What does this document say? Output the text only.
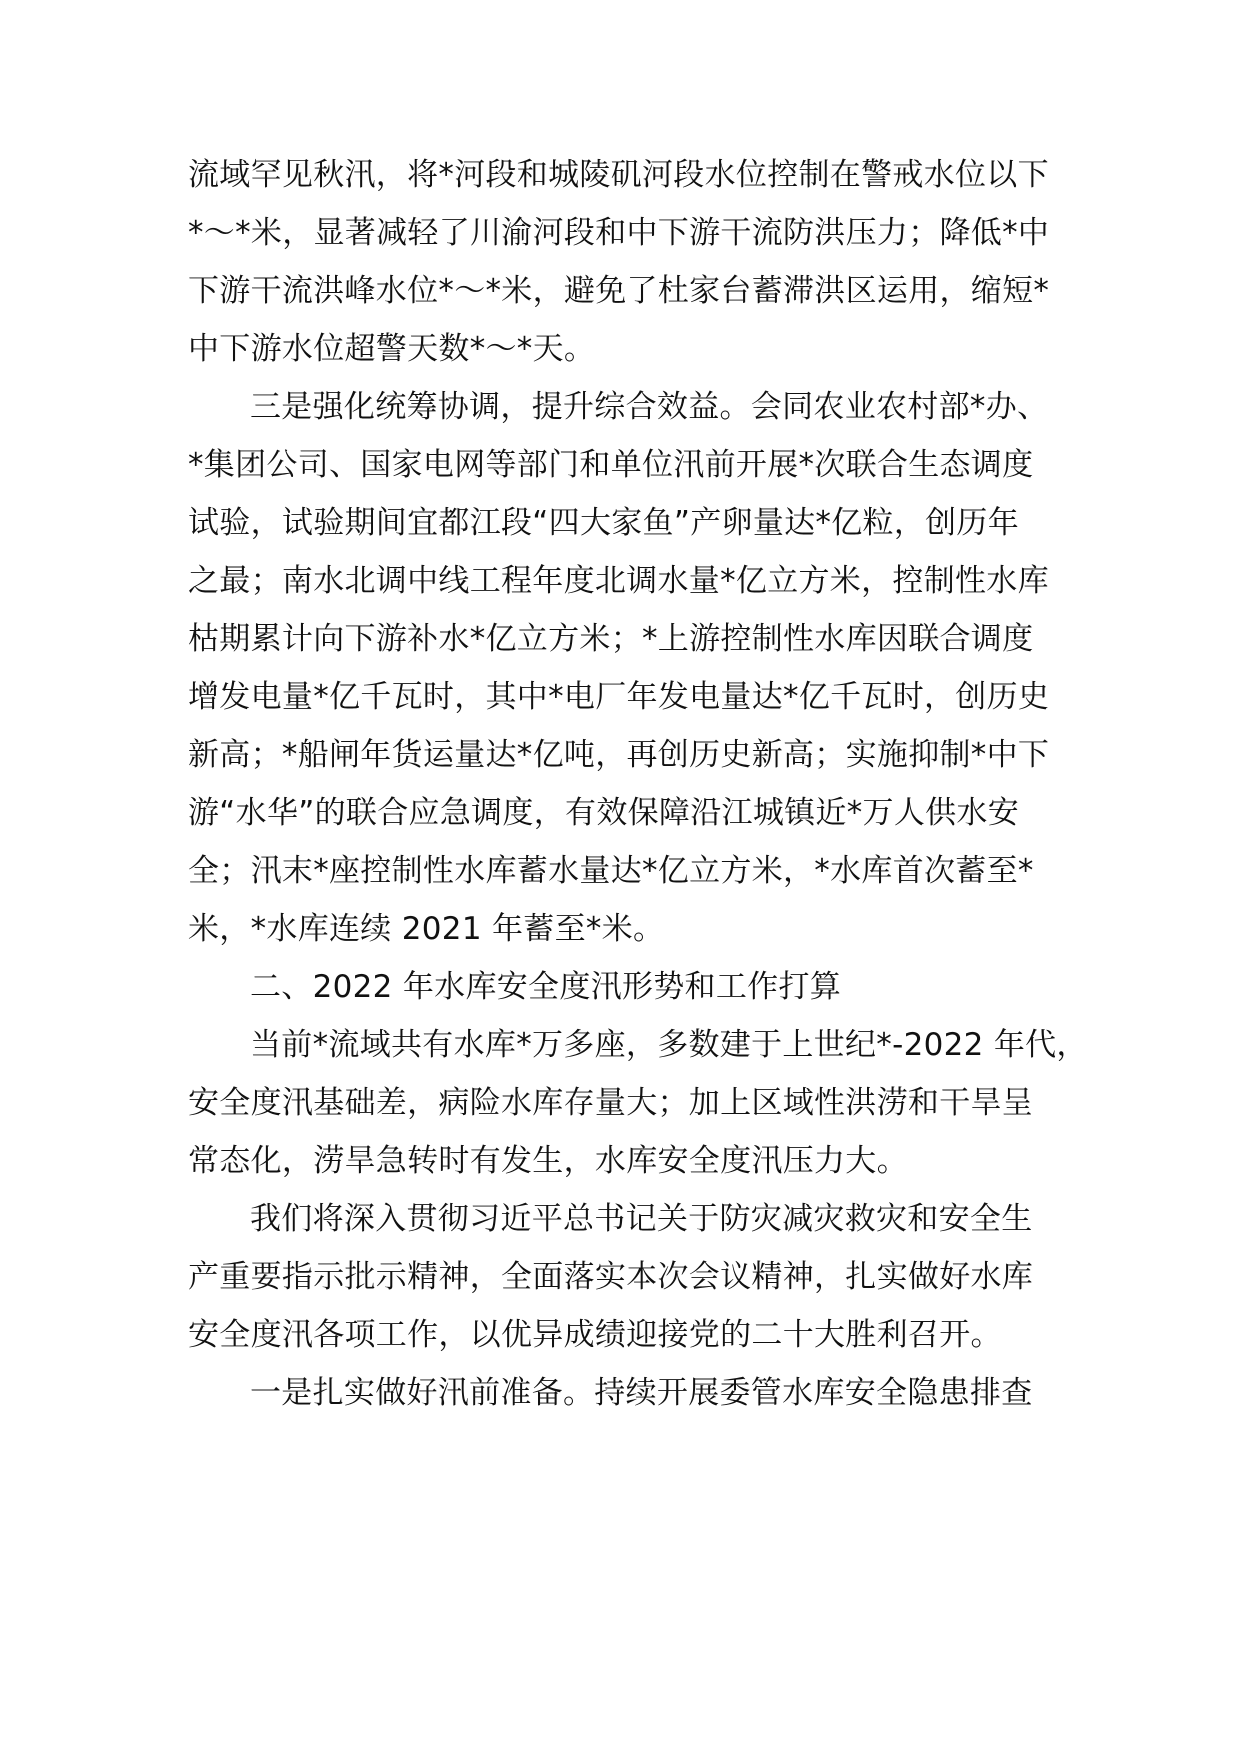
流域罕见秋汛，将*河段和城陵矶河段水位控制在警戒水位以下
*～*米，显著减轻了川渝河段和中下游干流防洪压力；降低*中
下游干流洪峰水位*～*米，避免了杜家台蓄滞洪区运用，缩短*
中下游水位超警天数*～*天。
三是强化统筹协调，提升综合效益。会同农业农村部*办、
*集团公司、国家电网等部门和单位汛前开展*次联合生态调度
试验，试验期间宜都江段“四大家鱼”产卵量达*亿粒，创历年
之最；南水北调中线工程年度北调水量*亿立方米，控制性水库
枯期累计向下游补水*亿立方米；*上游控制性水库因联合调度
增发电量*亿千瓦时，其中*电厂年发电量达*亿千瓦时，创历史
新高；*船闸年货运量达*亿吨，再创历史新高；实施抑制*中下
游“水华”的联合应急调度，有效保障沿江城镇近*万人供水安
全；汛末*座控制性水库蓄水量达*亿立方米，*水库首次蓄至*
米，*水库连续 2021 年蓄至*米。
二、2022 年水库安全度汛形势和工作打算
当前*流域共有水库*万多座，多数建于上世纪*-2022 年代，
安全度汛基础差，病险水库存量大；加上区域性洪涝和干旱呈
常态化，涝旱急转时有发生，水库安全度汛压力大。
我们将深入贯彻习近平总书记关于防灾减灾救灾和安全生
产重要指示批示精神，全面落实本次会议精神，扎实做好水库
安全度汛各项工作，以优异成绩迎接党的二十大胜利召开。
一是扎实做好汛前准备。持续开展委管水库安全隐患排查
